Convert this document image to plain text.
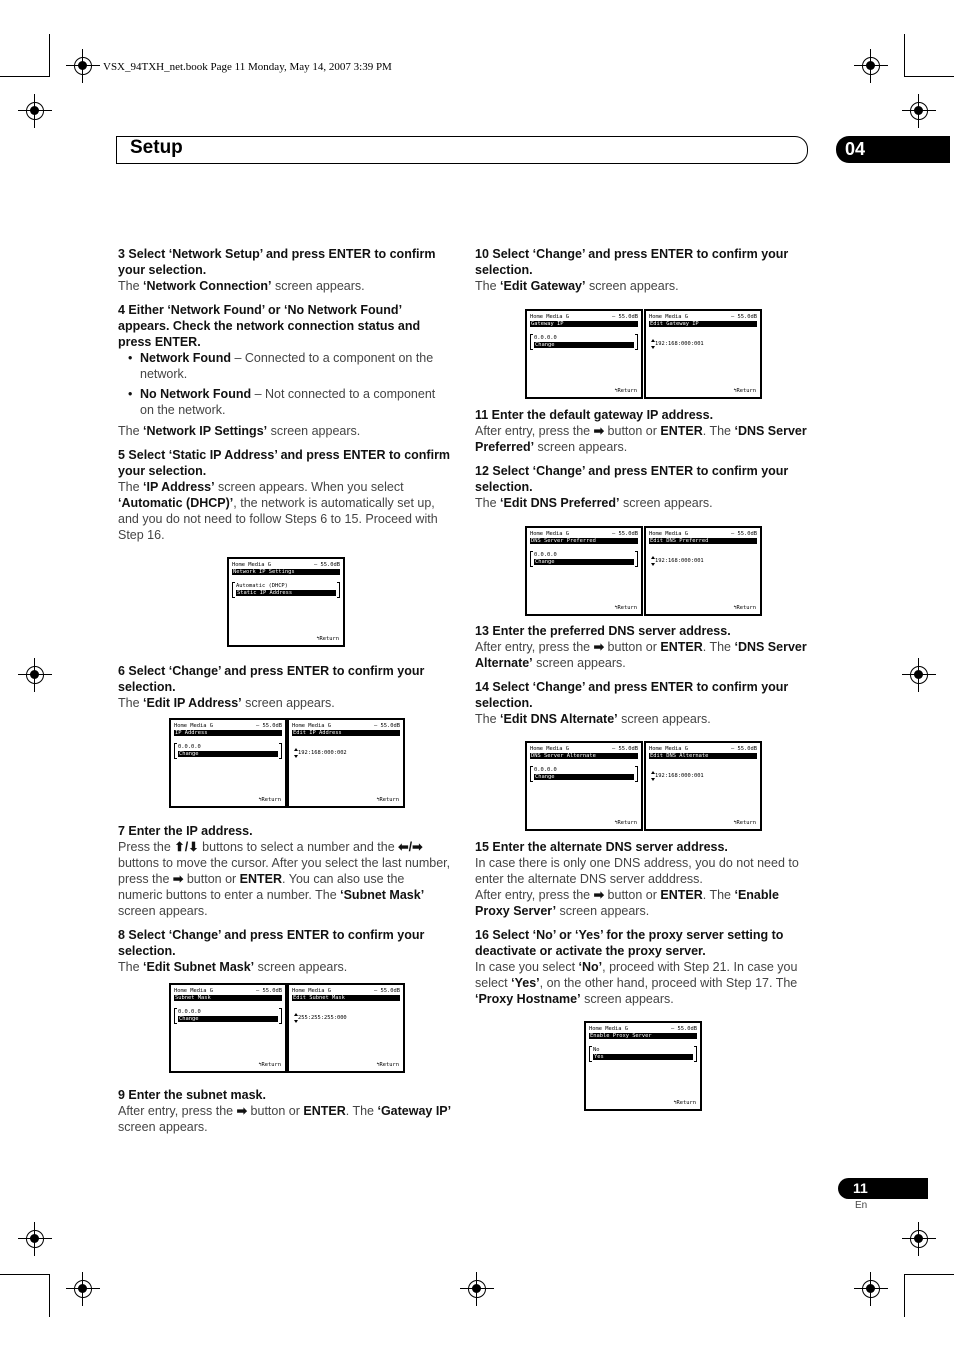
VSX_94TXH_net.book Page 11 Monday, May 14, 2007 3:39 PM
Setup	04

3 Select ‘Network Setup’ and press ENTER to confirm your selection.

The ‘Network Connection’ screen appears.

4 Either ‘Network Found’ or ‘No Network Found’ appears. Check the network connection status and press ENTER.

• Network Found – Connected to a component on the network.

• No Network Found – Not connected to a component on the network.

The ‘Network IP Settings’ screen appears.

5 Select ‘Static IP Address’ and press ENTER to confirm your selection.

The ‘IP Address’ screen appears. When you select ‘Automatic (DHCP)’, the network is automatically set up, and you do not need to follow Steps 6 to 15. Proceed with Step 16.

6 Select ‘Change’ and press ENTER to confirm your selection.

The ‘Edit IP Address’ screen appears.

7 Enter the IP address.

Press the ⬆/⬇ buttons to select a number and the ⬅/➡ buttons to move the cursor. After you select the last number, press the ➡ button or ENTER. You can also use the numeric buttons to enter a number. The ‘Subnet Mask’ screen appears.

8 Select ‘Change’ and press ENTER to confirm your selection.

The ‘Edit Subnet Mask’ screen appears.

9 Enter the subnet mask.

After entry, press the ➡ button or ENTER. The ‘Gateway IP’ screen appears.

10 Select ‘Change’ and press ENTER to confirm your selection.

The ‘Edit Gateway’ screen appears.

11 Enter the default gateway IP address.

After entry, press the ➡ button or ENTER. The ‘DNS Server Preferred’ screen appears.

12 Select ‘Change’ and press ENTER to confirm your selection.

The ‘Edit DNS Preferred’ screen appears.

13 Enter the preferred DNS server address.

After entry, press the ➡ button or ENTER. The ‘DNS Server Alternate’ screen appears.

14 Select ‘Change’ and press ENTER to confirm your selection.

The ‘Edit DNS Alternate’ screen appears.

15 Enter the alternate DNS server address.

In case there is only one DNS address, you do not need to enter the alternate DNS server adddress.

After entry, press the ➡ button or ENTER. The ‘Enable Proxy Server’ screen appears.

16 Select ‘No’ or ‘Yes’ for the proxy server setting to deactivate or activate the proxy server.

In case you select ‘No’, proceed with Step 21. In case you select ‘Yes’, on the other hand, proceed with Step 17. The ‘Proxy Hostname’ screen appears.

Home Media G	– 55.0dB
Network IP Settings
Automatic (DHCP)
Static IP Address
↰Return
Home Media G	– 55.0dB
IP Address
0.0.0.0
Change
↰Return
Home Media G	– 55.0dB
Edit IP Address
192:168:000:002
↰Return
Home Media G	– 55.0dB
Subnet Mask
0.0.0.0
Change
↰Return
Home Media G	– 55.0dB
Edit Subnet Mask
255:255:255:000
↰Return
Home Media G	– 55.0dB
Gateway IP
0.0.0.0
Change
↰Return
Home Media G	– 55.0dB
Edit Gateway IP
192:168:000:001
↰Return
Home Media G	– 55.0dB
DNS Server Preferred
0.0.0.0
Change
↰Return
Home Media G	– 55.0dB
Edit DNS Preferred
192:168:000:001
↰Return
Home Media G	– 55.0dB
DNS Server Alternate
0.0.0.0
Change
↰Return
Home Media G	– 55.0dB
Edit DNS Alternate
192:168:000:001
↰Return
Home Media G	– 55.0dB
Enable Proxy Server
No
Yes
↰Return
11
En
